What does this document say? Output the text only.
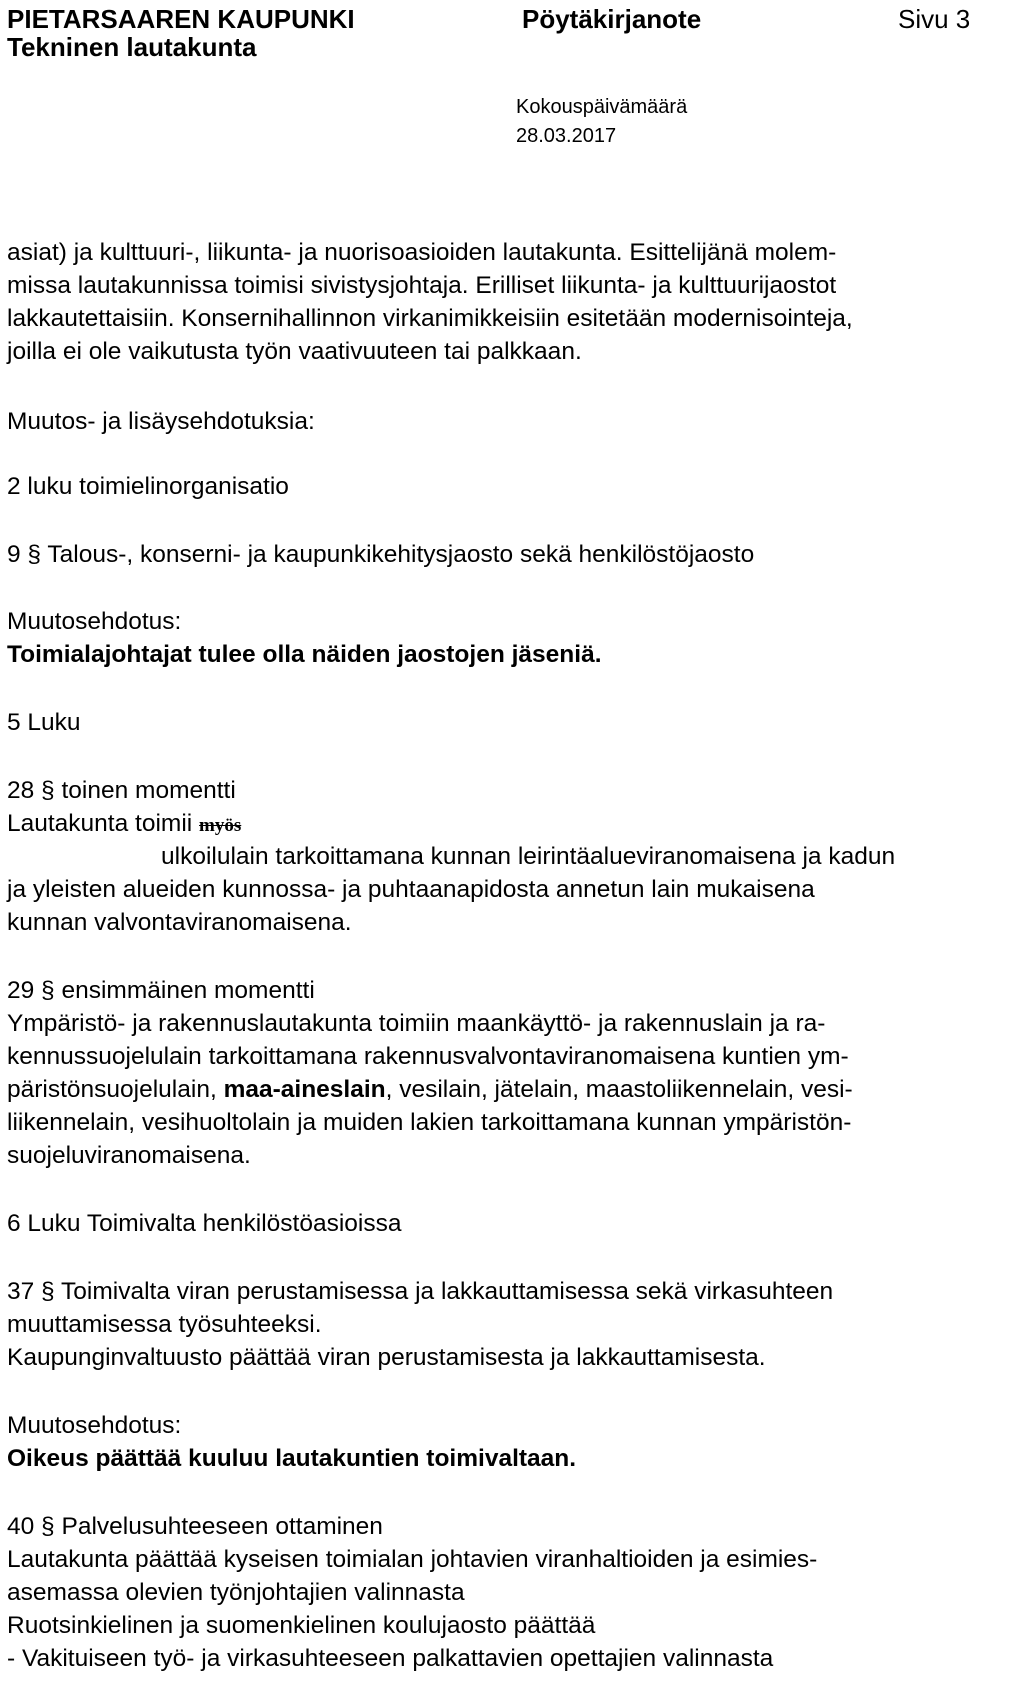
PIETARSAAREN KAUPUNKI
Tekninen lautakunta
Pöytäkirjanote	Sivu 3
Kokouspäivämäärä
28.03.2017
asiat) ja kulttuuri-, liikunta- ja nuorisoasioiden lautakunta. Esittelijänä molem-
missa lautakunnissa toimisi sivistysjohtaja. Erilliset liikunta- ja kulttuurijaostot
lakkautettaisiin. Konsernihallinnon virkanimikkeisiin esitetään modernisointeja,
joilla ei ole vaikutusta työn vaativuuteen tai palkkaan.
Muutos- ja lisäysehdotuksia:
2 luku toimielinorganisatio
9 § Talous-, konserni- ja kaupunkikehitysjaosto sekä henkilöstöjaosto
Muutosehdotus:
Toimialajohtajat tulee olla näiden jaostojen jäseniä.
5 Luku
28 § toinen momentti
Lautakunta toimii myös
ulkoilulain tarkoittamana kunnan leirintäalueviranomaisena ja kadun
ja yleisten alueiden kunnossa- ja puhtaanapidosta annetun lain mukaisena
kunnan valvontaviranomaisena.
29 § ensimmäinen momentti
Ympäristö- ja rakennuslautakunta toimiin maankäyttö- ja rakennuslain ja ra-
kennussuojelulain tarkoittamana rakennusvalvontaviranomaisena kuntien ym-
päristönsuojelulain, maa-aineslain, vesilain, jätelain, maastoliikennelain, vesi-
liikennelain, vesihuoltolain ja muiden lakien tarkoittamana kunnan ympäristön-
suojeluviranomaisena.
6 Luku Toimivalta henkilöstöasioissa
37 § Toimivalta viran perustamisessa ja lakkauttamisessa sekä virkasuhteen
muuttamisessa työsuhteeksi.
Kaupunginvaltuusto päättää viran perustamisesta ja lakkauttamisesta.
Muutosehdotus:
Oikeus päättää kuuluu lautakuntien toimivaltaan.
40 § Palvelusuhteeseen ottaminen
Lautakunta päättää kyseisen toimialan johtavien viranhaltioiden ja esimies-
asemassa olevien työnjohtajien valinnasta
Ruotsinkielinen ja suomenkielinen koulujaosto päättää
- Vakituiseen työ- ja virkasuhteeseen palkattavien opettajien valinnasta
